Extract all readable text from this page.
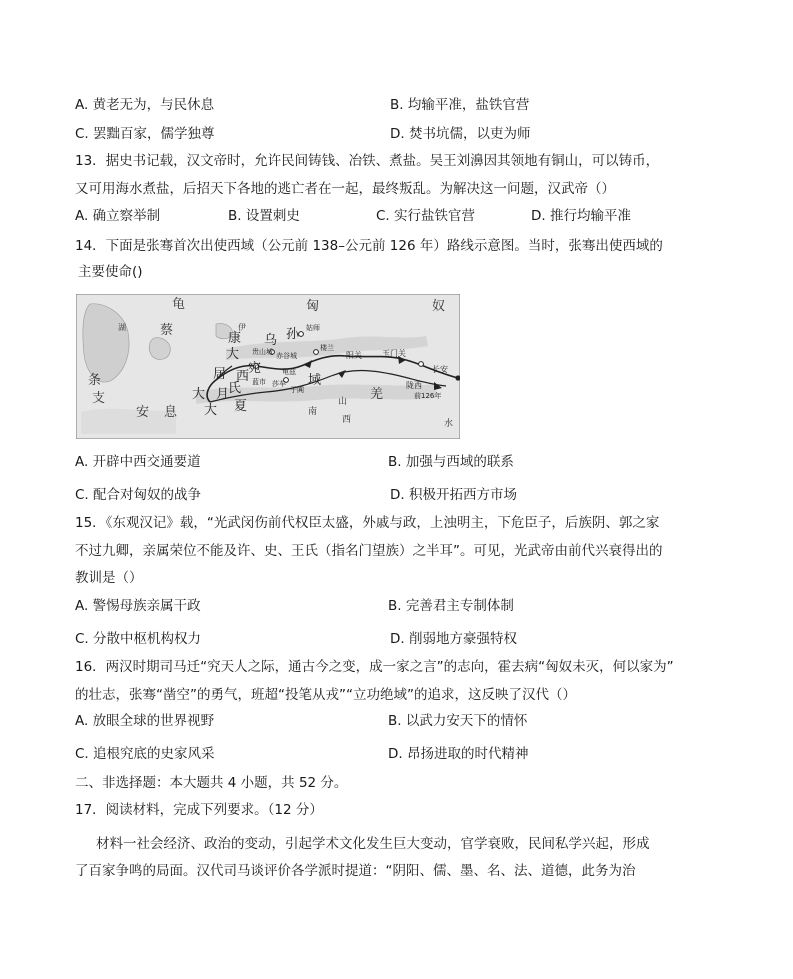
A. 黄老无为，与民休息	B. 均输平准，盐铁官营
C. 罢黜百家，儒学独尊	D. 焚书坑儒，以吏为师
13．据史书记载，汉文帝时，允许民间铸钱、冶铁、煮盐。吴王刘濞因其领地有铜山，可以铸币，
又可用海水煮盐，后招天下各地的逃亡者在一起，最终叛乱。为解决这一问题，汉武帝（）
A. 确立察举制	B. 设置刺史	C. 实行盐铁官营	D. 推行均输平准
14．下面是张骞首次出使西域（公元前 138–公元前 126 年）路线示意图。当时，张骞出使西域的
主要使命()
龟	匈	奴
蔡
康 乌 孙
大
宛
居 西	域
月
氏
大
大 夏
条
支
安 息
羌
南
山
西	水
湖	伊
贵山城 赤谷城
姑师
楼兰
蓝市 莎车
于阗
龟兹
阳关	玉门关
陇西
长安
前126年
A. 开辟中西交通要道	B. 加强与西域的联系
C. 配合对匈奴的战争	D. 积极开拓西方市场
15．《东观汉记》载，“光武闵伤前代权臣太盛，外戚与政，上浊明主，下危臣子，后族阴、郭之家
不过九卿，亲属荣位不能及许、史、王氏（指名门望族）之半耳”。可见，光武帝由前代兴衰得出的
教训是（）
A. 警惕母族亲属干政	B. 完善君主专制体制
C. 分散中枢机构权力	D. 削弱地方豪强特权
16．两汉时期司马迁“究天人之际，通古今之变，成一家之言”的志向，霍去病“匈奴未灭，何以家为”
的壮志，张骞“凿空”的勇气，班超“投笔从戎”“立功绝域”的追求，这反映了汉代（）
A. 放眼全球的世界视野	B. 以武力安天下的情怀
C. 追根究底的史家风采	D. 昂扬进取的时代精神
二、非选择题：本大题共 4 小题，共 52 分。
17．阅读材料，完成下列要求。（12 分）
材料一社会经济、政治的变动，引起学术文化发生巨大变动，官学衰败，民间私学兴起，形成
了百家争鸣的局面。汉代司马谈评价各学派时提道：“阴阳、儒、墨、名、法、道德，此务为治
